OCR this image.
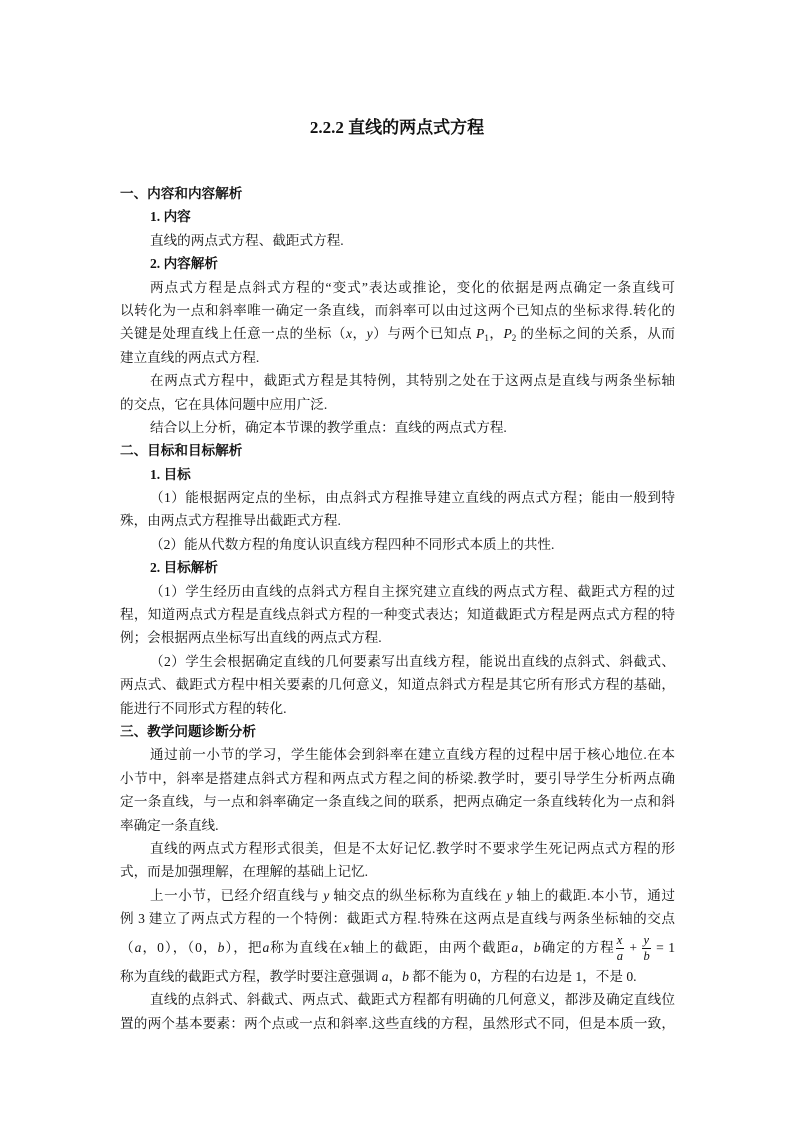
2.2.2 直线的两点式方程
一、内容和内容解析
1. 内容
直线的两点式方程、截距式方程.
2. 内容解析
两点式方程是点斜式方程的“变式”表达或推论，变化的依据是两点确定一条直线可
以转化为一点和斜率唯一确定一条直线，而斜率可以由过这两个已知点的坐标求得.转化的
关键是处理直线上任意一点的坐标（x，y）与两个已知点 $P_1$，$P_2$ 的坐标之间的关系，从而
建立直线的两点式方程.
在两点式方程中，截距式方程是其特例，其特别之处在于这两点是直线与两条坐标轴
的交点，它在具体问题中应用广泛.
结合以上分析，确定本节课的教学重点：直线的两点式方程.
二、目标和目标解析
1. 目标
（1）能根据两定点的坐标，由点斜式方程推导建立直线的两点式方程；能由一般到特
殊，由两点式方程推导出截距式方程.
（2）能从代数方程的角度认识直线方程四种不同形式本质上的共性.
2. 目标解析
（1）学生经历由直线的点斜式方程自主探究建立直线的两点式方程、截距式方程的过
程，知道两点式方程是直线点斜式方程的一种变式表达；知道截距式方程是两点式方程的特
例；会根据两点坐标写出直线的两点式方程.
（2）学生会根据确定直线的几何要素写出直线方程，能说出直线的点斜式、斜截式、
两点式、截距式方程中相关要素的几何意义，知道点斜式方程是其它所有形式方程的基础，
能进行不同形式方程的转化.
三、教学问题诊断分析
通过前一小节的学习，学生能体会到斜率在建立直线方程的过程中居于核心地位.在本
小节中，斜率是搭建点斜式方程和两点式方程之间的桥梁.教学时，要引导学生分析两点确
定一条直线，与一点和斜率确定一条直线之间的联系，把两点确定一条直线转化为一点和斜
率确定一条直线.
直线的两点式方程形式很美，但是不太好记忆.教学时不要求学生死记两点式方程的形
式，而是加强理解，在理解的基础上记忆.
上一小节，已经介绍直线与 y 轴交点的纵坐标称为直线在 y 轴上的截距.本小节，通过
例 3 建立了两点式方程的一个特例：截距式方程.特殊在这两点是直线与两条坐标轴的交点
（a，0），（0，b），把a称为直线在x轴上的截距，由两个截距a，b确定的方程 $\frac{x}{a} + \frac{y}{b} = 1$
称为直线的截距式方程，教学时要注意强调 a，b 都不能为 0，方程的右边是 1，不是 0.
直线的点斜式、斜截式、两点式、截距式方程都有明确的几何意义，都涉及确定直线位
置的两个基本要素：两个点或一点和斜率.这些直线的方程，虽然形式不同，但是本质一致，
